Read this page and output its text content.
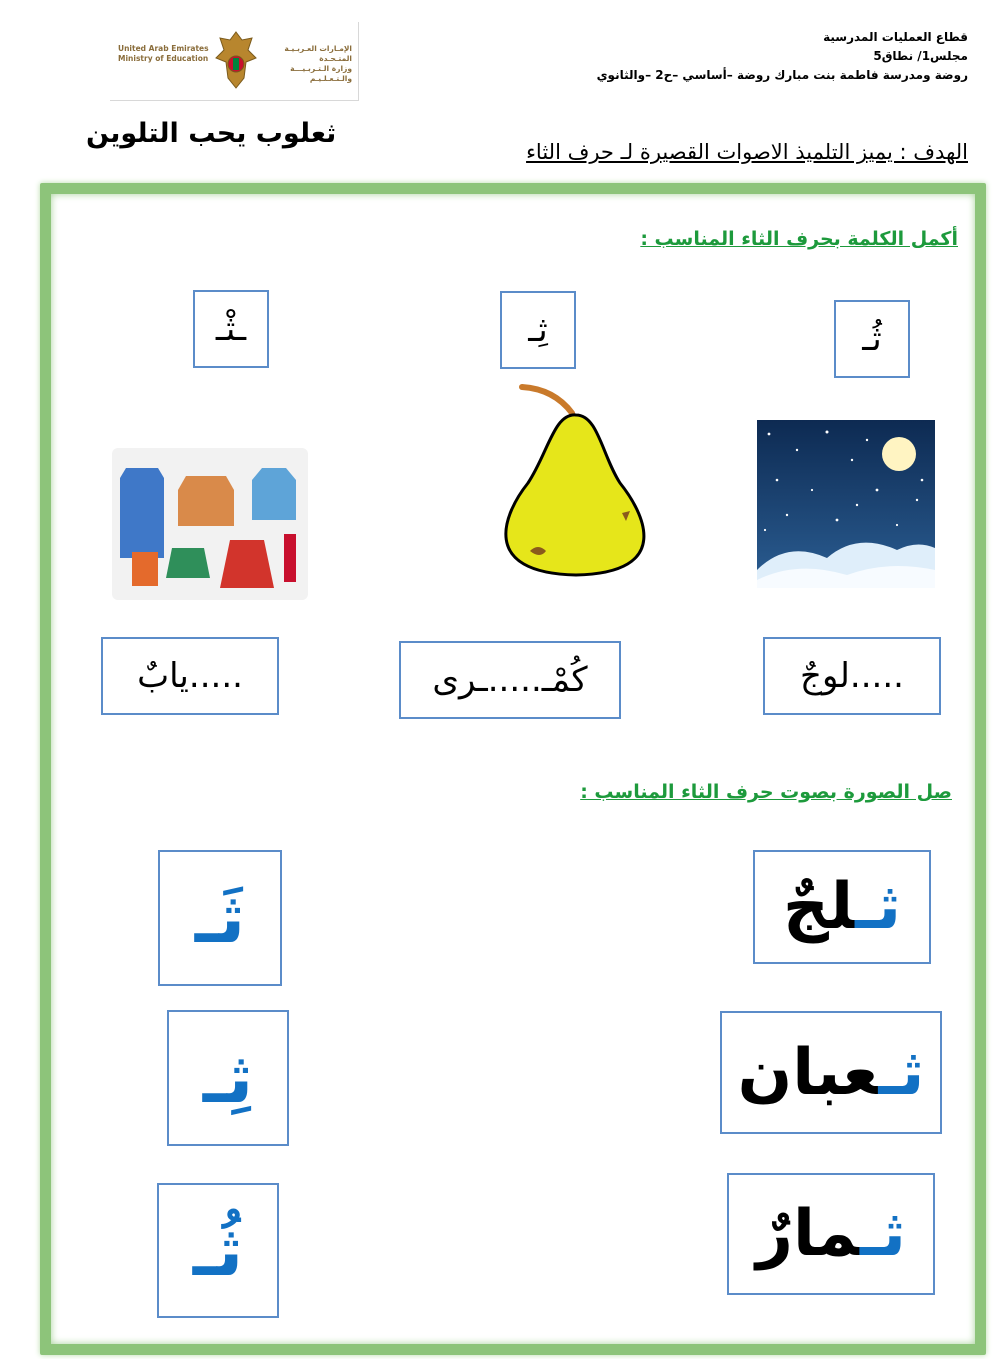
United Arab Emirates
Ministry of Education
الإمـارات العـربـيـة المتـحـدة
وزارة الـتـربـيـــة والـتـعـلـيـم
قطاع العمليات المدرسية
مجلس1/ نطاق5
روضة ومدرسة فاطمة بنت مبارك روضة –أساسي –ح2 –والثانوي
ثعلوب يحب التلوين
الهدف : يميز التلميذ الاصوات القصيرة لـ حرف الثاء
أكمل الكلمة بحرف الثاء المناسب :
ثُـ
ثِـ
ـثْـ
.....لوجٌ
كُمْـ.....ـرى
.....يابٌ
صل الصورة بصوت حرف الثاء المناسب :
ثـلجٌ
ثـعبان
ثـمارٌ
ثَـ
ثِـ
ثُـ
